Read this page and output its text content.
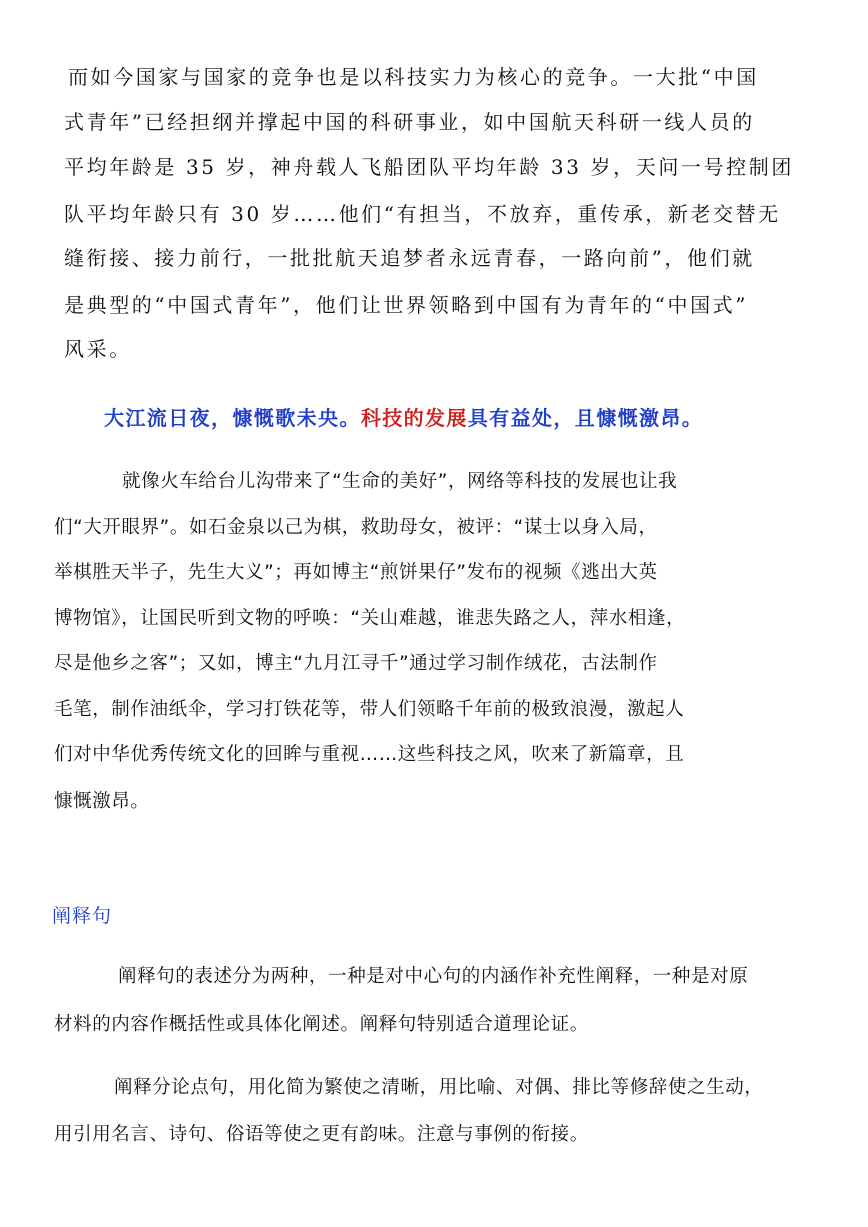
而如今国家与国家的竞争也是以科技实力为核心的竞争。一大批“中国
式青年”已经担纲并撑起中国的科研事业，如中国航天科研一线人员的
平均年龄是 35 岁，神舟载人飞船团队平均年龄 33 岁，天问一号控制团
队平均年龄只有 30 岁……他们“有担当，不放弃，重传承，新老交替无
缝衔接、接力前行，一批批航天追梦者永远青春，一路向前”，他们就
是典型的“中国式青年”，他们让世界领略到中国有为青年的“中国式”
风采。
大江流日夜，慷慨歌未央。科技的发展具有益处，且慷慨激昂。
就像火车给台儿沟带来了“生命的美好”，网络等科技的发展也让我
们“大开眼界”。如石金泉以己为棋，救助母女，被评：“谋士以身入局，
举棋胜天半子，先生大义”；再如博主“煎饼果仔”发布的视频《逃出大英
博物馆》，让国民听到文物的呼唤：“关山难越，谁悲失路之人，萍水相逢，
尽是他乡之客”；又如，博主“九月江寻千”通过学习制作绒花，古法制作
毛笔，制作油纸伞，学习打铁花等，带人们领略千年前的极致浪漫，激起人
们对中华优秀传统文化的回眸与重视……这些科技之风，吹来了新篇章，且
慷慨激昂。
阐释句
阐释句的表述分为两种，一种是对中心句的内涵作补充性阐释，一种是对原
材料的内容作概括性或具体化阐述。阐释句特别适合道理论证。
阐释分论点句，用化简为繁使之清晰，用比喻、对偶、排比等修辞使之生动，
用引用名言、诗句、俗语等使之更有韵味。注意与事例的衔接。
